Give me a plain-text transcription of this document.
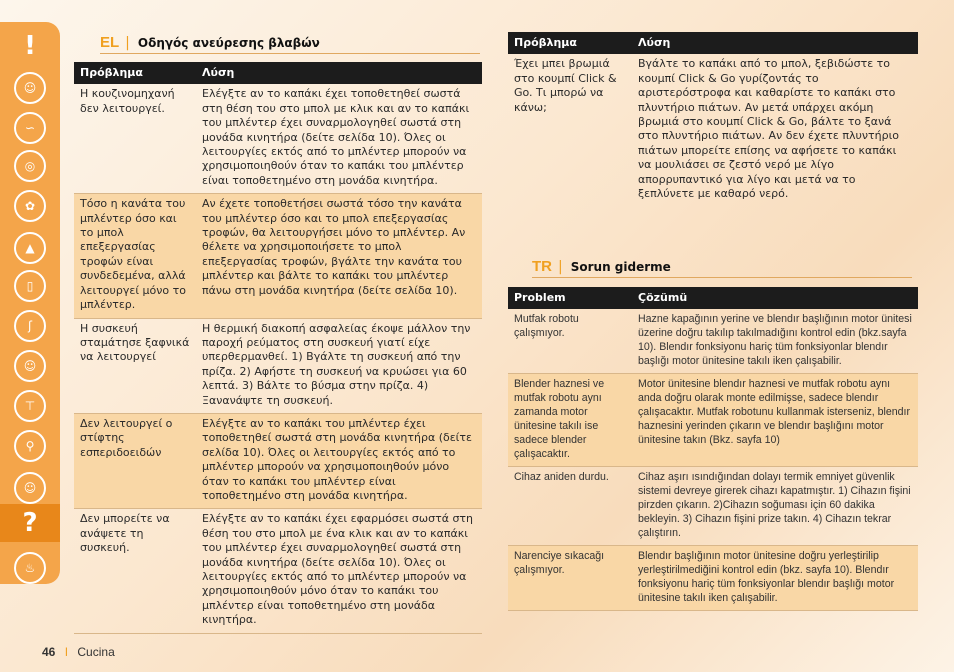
!
☺
∽
◎
✿
▲
▯
ʃ
☺
⊤
⚲
☺
?
♨
EL | Οδηγός ανεύρεσης βλαβών
Πρόβλημα	Λύση
Η κουζινομηχανή δεν λειτουργεί.	Ελέγξτε αν το καπάκι έχει τοποθετηθεί σωστά στη θέση του στο μπολ με κλικ και αν το καπάκι του μπλέντερ έχει συναρμολογηθεί σωστά στη μονάδα κινητήρα (δείτε σελίδα 10). Όλες οι λειτουργίες εκτός από το μπλέντερ μπορούν να χρησιμοποιηθούν όταν το καπάκι του μπλέντερ είναι τοποθετημένο στη μονάδα κινητήρα.
Τόσο η κανάτα του μπλέντερ όσο και το μπολ επεξεργασίας τροφών είναι συνδεδεμένα, αλλά λειτουργεί μόνο το μπλέντερ.	Αν έχετε τοποθετήσει σωστά τόσο την κανάτα του μπλέντερ όσο και το μπολ επεξεργασίας τροφών, θα λειτουργήσει μόνο το μπλέντερ. Αν θέλετε να χρησιμοποιήσετε το μπολ επεξεργασίας τροφών, βγάλτε την κανάτα του μπλέντερ και βάλτε το καπάκι του μπλέντερ πάνω στη μονάδα κινητήρα (δείτε σελίδα 10).
Η συσκευή σταμάτησε ξαφνικά να λειτουργεί	Η θερμική διακοπή ασφαλείας έκοψε μάλλον την παροχή ρεύματος στη συσκευή γιατί είχε υπερθερμανθεί. 1) Βγάλτε τη συσκευή από την πρίζα. 2) Αφήστε τη συσκευή να κρυώσει για 60 λεπτά. 3) Βάλτε το βύσμα στην πρίζα. 4) Ξανανάψτε τη συσκευή.
Δεν λειτουργεί ο στίφτης εσπεριδοειδών	Ελέγξτε αν το καπάκι του μπλέντερ έχει τοποθετηθεί σωστά στη μονάδα κινητήρα (δείτε σελίδα 10). Όλες οι λειτουργίες εκτός από το μπλέντερ μπορούν να χρησιμοποιηθούν μόνο όταν το καπάκι του μπλέντερ είναι τοποθετημένο στη μονάδα κινητήρα.
Δεν μπορείτε να ανάψετε τη συσκευή.	Ελέγξτε αν το καπάκι έχει εφαρμόσει σωστά στη θέση του στο μπολ με ένα κλικ και αν το καπάκι του μπλέντερ έχει συναρμολογηθεί σωστά στη μονάδα κινητήρα (δείτε σελίδα 10). Όλες οι λειτουργίες εκτός από το μπλέντερ μπορούν να χρησιμοποιηθούν μόνο όταν το καπάκι του μπλέντερ είναι τοποθετημένο στη μονάδα κινητήρα.
Πρόβλημα	Λύση
Έχει μπει βρωμιά στο κουμπί Click & Go. Τι μπορώ να κάνω;	Βγάλτε το καπάκι από το μπολ, ξεβιδώστε το κουμπί Click & Go γυρίζοντάς το αριστερόστροφα και καθαρίστε το καπάκι στο πλυντήριο πιάτων. Αν μετά υπάρχει ακόμη βρωμιά στο κουμπί Click & Go, βάλτε το ξανά στο πλυντήριο πιάτων. Αν δεν έχετε πλυντήριο πιάτων μπορείτε επίσης να αφήσετε το καπάκι να μουλιάσει σε ζεστό νερό με λίγο απορρυπαντικό για λίγο και μετά να το ξεπλύνετε με καθαρό νερό.
TR | Sorun giderme
Problem	Çözümü
Mutfak robotu çalışmıyor.	Hazne kapağının yerine ve blendır başlığının motor ünitesi üzerine doğru takılıp takılmadığını kontrol edin (bkz.sayfa 10). Blendır fonksiyonu hariç tüm fonksiyonlar blendır başlığı motor ünitesine takılı iken çalışabilir.
Blender haznesi ve mutfak robotu aynı zamanda motor ünitesine takılı ise sadece blender çalışacaktır.	Motor ünitesine blendır haznesi ve mutfak robotu aynı anda doğru olarak monte edilmişse, sadece blendır çalışacaktır. Mutfak robotunu kullanmak isterseniz, blendır haznesini yerinden çıkarın ve blendır başlığını motor ünitesine takın (Bkz. sayfa 10)
Cihaz aniden durdu.	Cihaz aşırı ısındığından dolayı termik emniyet güvenlik sistemi devreye girerek cihazı kapatmıştır. 1) Cihazın fişini pirzden çıkarın. 2)Cihazın soğuması için 60 dakika bekleyin. 3) Cihazın fişini prize takın. 4) Cihazın tekrar çalıştırın.
Narenciye sıkacağı çalışmıyor.	Blendır başlığının motor ünitesine doğru yerleştirilip yerleştirilmediğini kontrol edin (bkz. sayfa 10). Blendır fonksiyonu hariç tüm fonksiyonlar blendır başlığı motor ünitesine takılı iken çalışabilir.
46 I Cucina
